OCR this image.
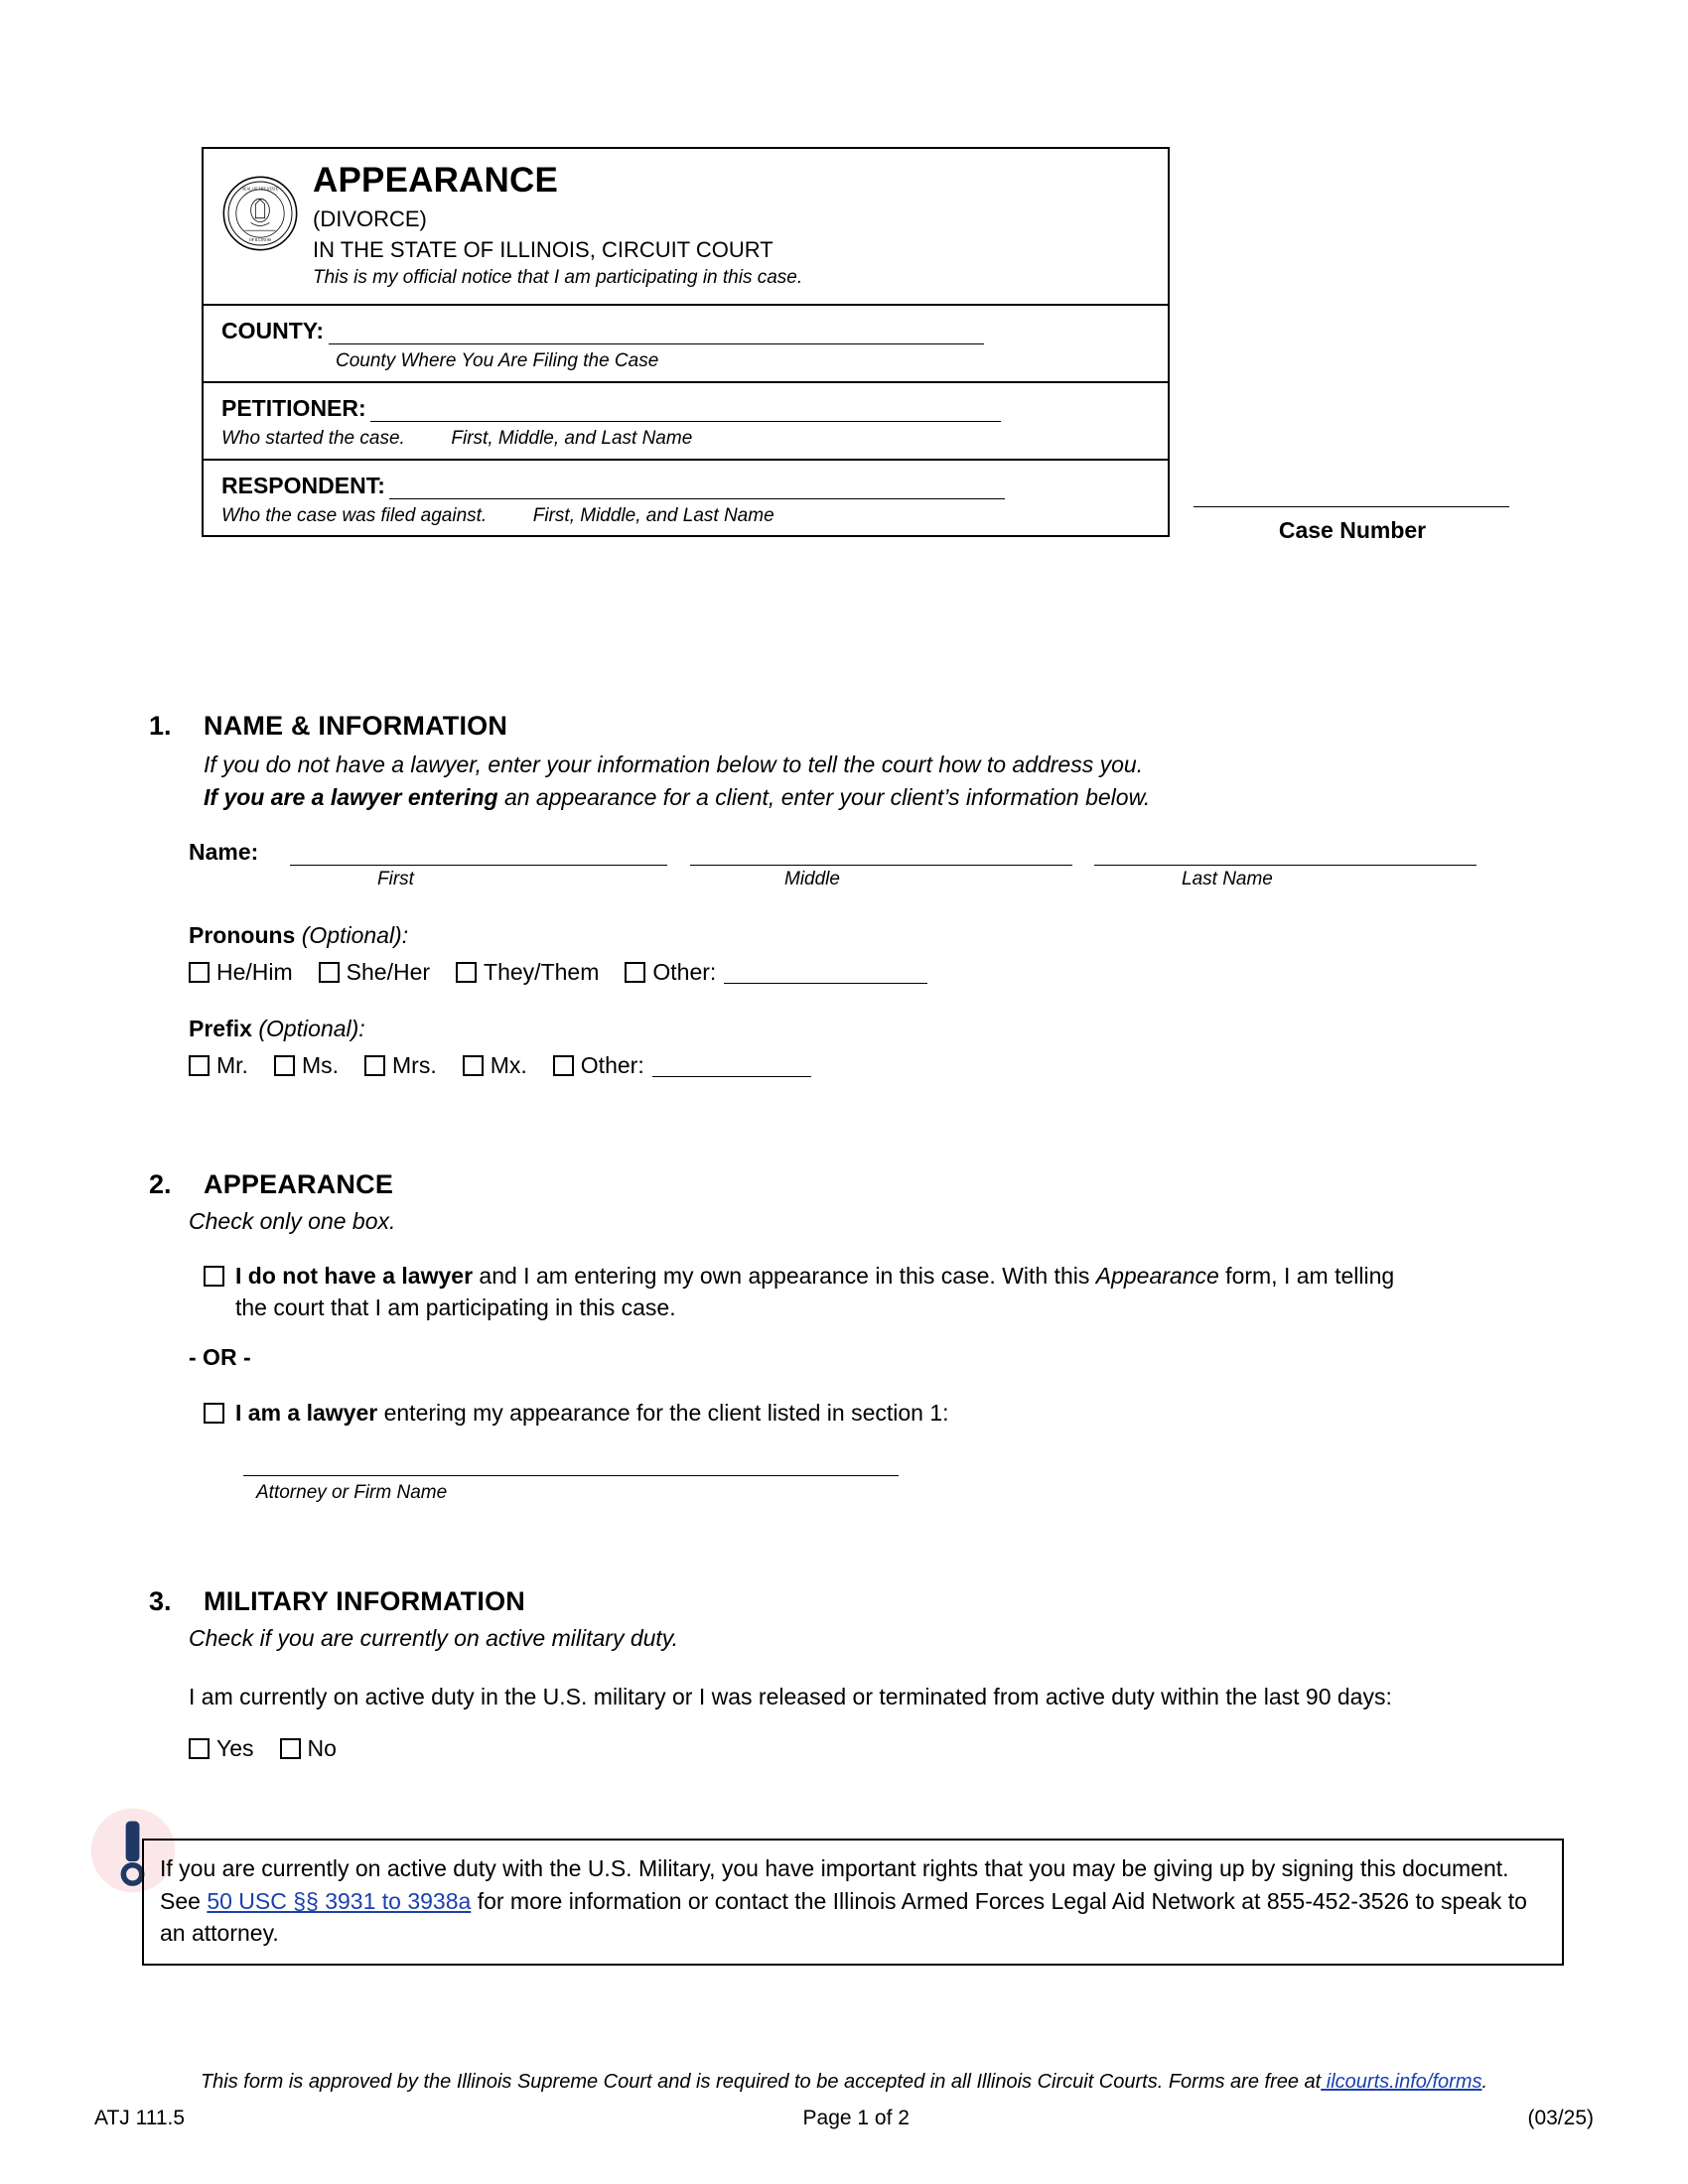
SEAL OF THE STATE
OF ILLINOIS
APPEARANCE
(DIVORCE)
IN THE STATE OF ILLINOIS, CIRCUIT COURT
This is my official notice that I am participating in this case.
COUNTY:
County Where You Are Filing the Case
PETITIONER:
Who started the case. First, Middle, and Last Name
RESPONDENT:
Who the case was filed against. First, Middle, and Last Name
Case Number
1. NAME & INFORMATION
If you do not have a lawyer, enter your information below to tell the court how to address you.
If you are a lawyer entering an appearance for a client, enter your client’s information below.
Name:
First	Middle	Last Name
Pronouns (Optional):
He/Him She/Her They/Them Other:
Prefix (Optional):
Mr. Ms. Mrs. Mx. Other:
2. APPEARANCE
Check only one box.
I do not have a lawyer and I am entering my own appearance in this case. With this Appearance form, I am telling the court that I am participating in this case.
- OR -
I am a lawyer entering my appearance for the client listed in section 1:
Attorney or Firm Name
3. MILITARY INFORMATION
Check if you are currently on active military duty.
I am currently on active duty in the U.S. military or I was released or terminated from active duty within the last 90 days:
Yes No
If you are currently on active duty with the U.S. Military, you have important rights that you may be giving up by signing this document. See 50 USC §§ 3931 to 3938a for more information or contact the Illinois Armed Forces Legal Aid Network at 855-452-3526 to speak to an attorney.
This form is approved by the Illinois Supreme Court and is required to be accepted in all Illinois Circuit Courts. Forms are free at ilcourts.info/forms.
ATJ 111.5	(03/25)
Page 1 of 2
